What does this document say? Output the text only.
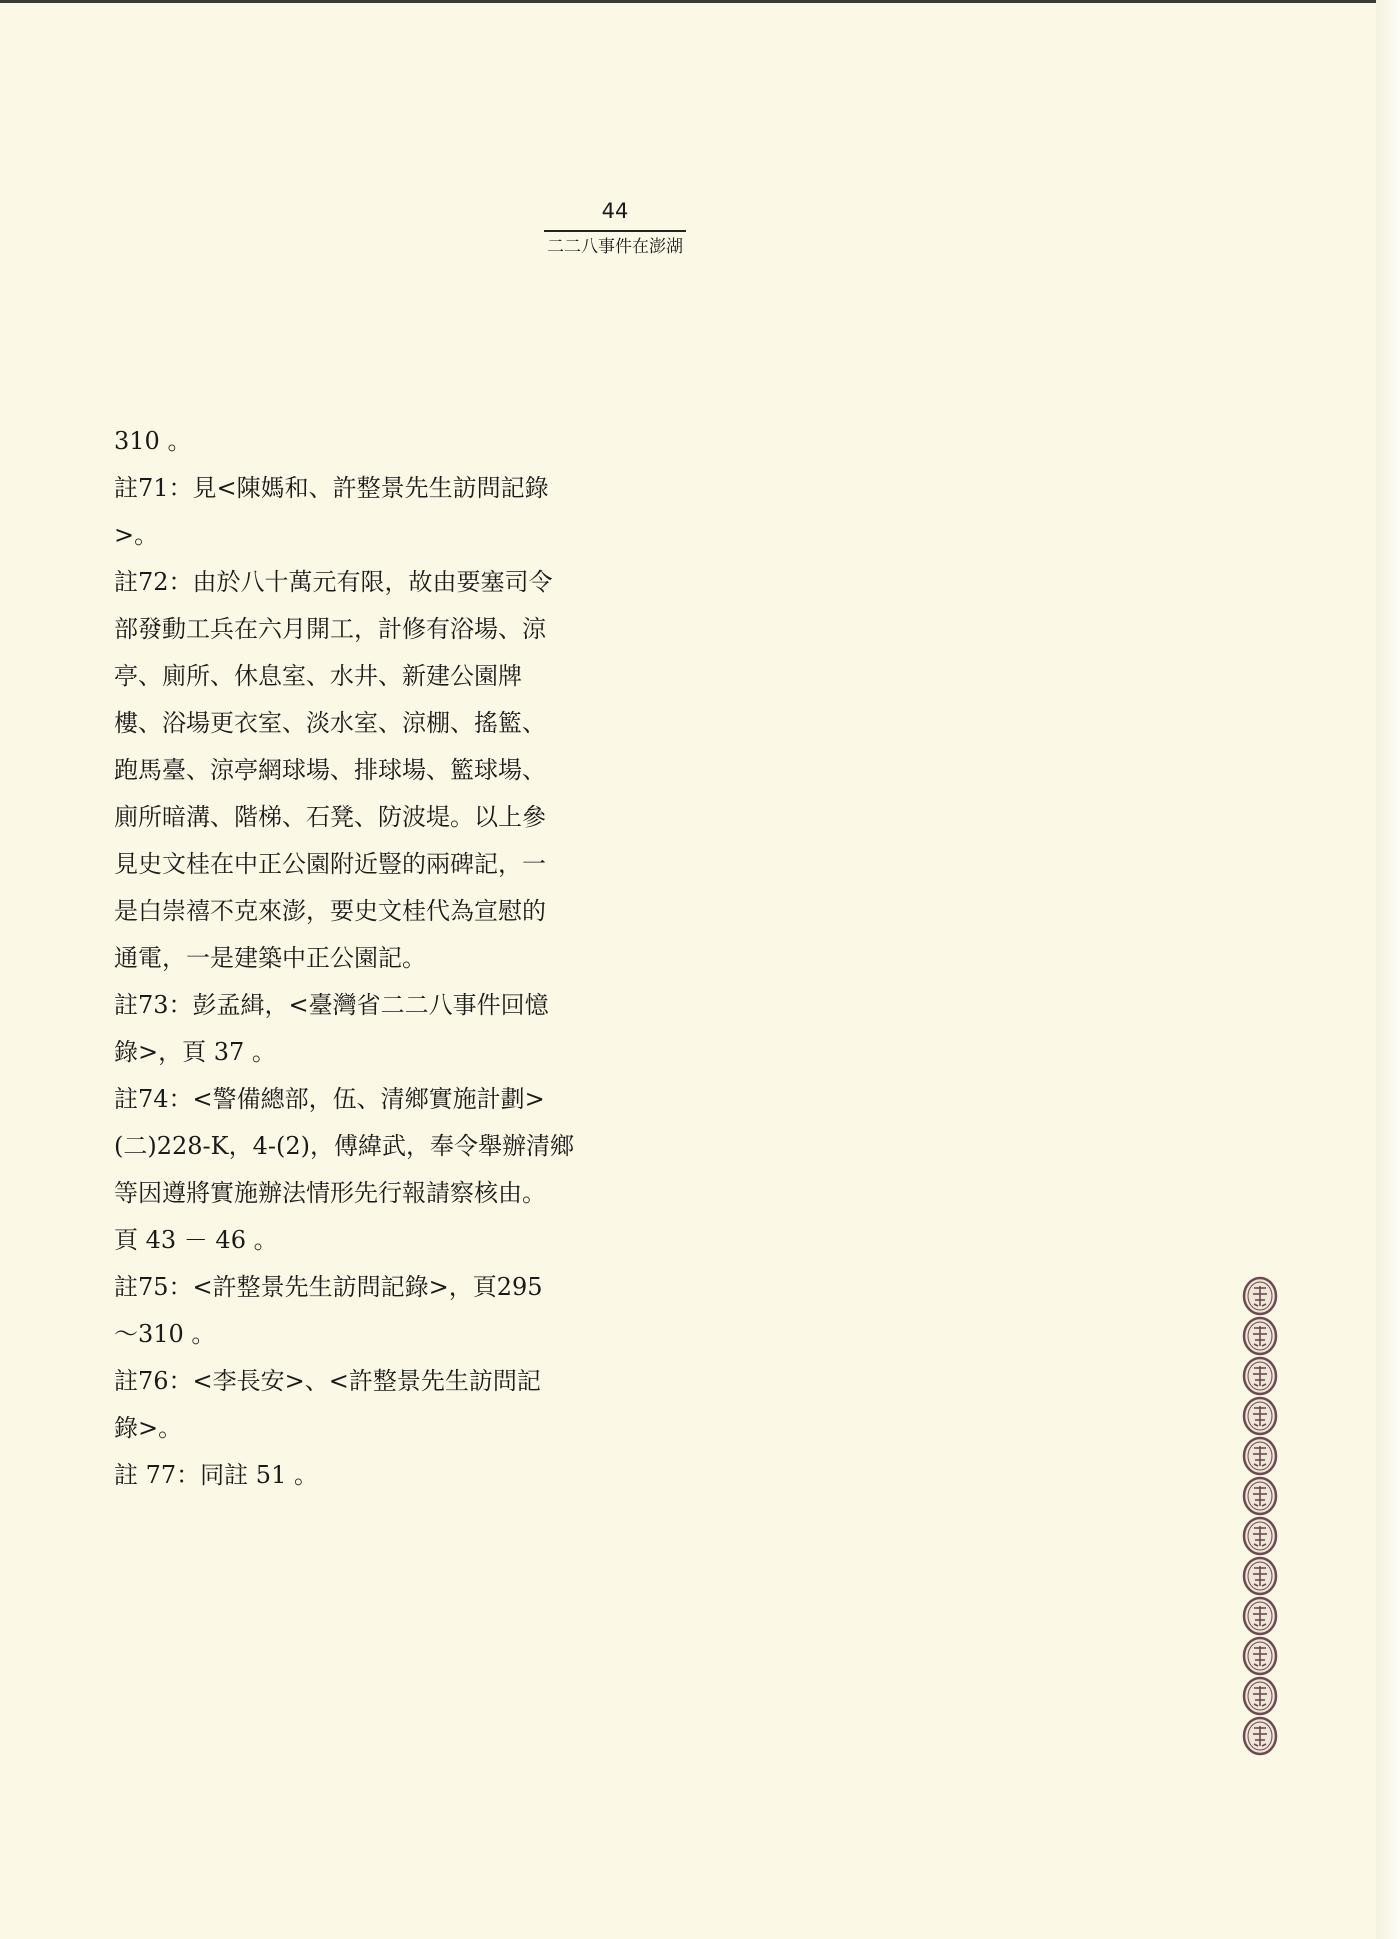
44
二二八事件在澎湖
310 。
註71：見<陳媽和、許整景先生訪問記錄
>。
註72：由於八十萬元有限，故由要塞司令
部發動工兵在六月開工，計修有浴場、涼
亭、廁所、休息室、水井、新建公園牌
樓、浴場更衣室、淡水室、涼棚、搖籃、
跑馬臺、涼亭網球場、排球場、籃球場、
廁所暗溝、階梯、石凳、防波堤。以上參
見史文桂在中正公園附近豎的兩碑記，一
是白崇禧不克來澎，要史文桂代為宣慰的
通電，一是建築中正公園記。
註73：彭孟緝，<臺灣省二二八事件回憶
錄>，頁 37 。
註74：<警備總部，伍、清鄉實施計劃>
(二)228-K，4-(2)，傅緯武，奉令舉辦清鄉
等因遵將實施辦法情形先行報請察核由。
頁 43 － 46 。
註75：<許整景先生訪問記錄>，頁295
～310 。
註76：<李長安>、<許整景先生訪問記
錄>。
註 77：同註 51 。
